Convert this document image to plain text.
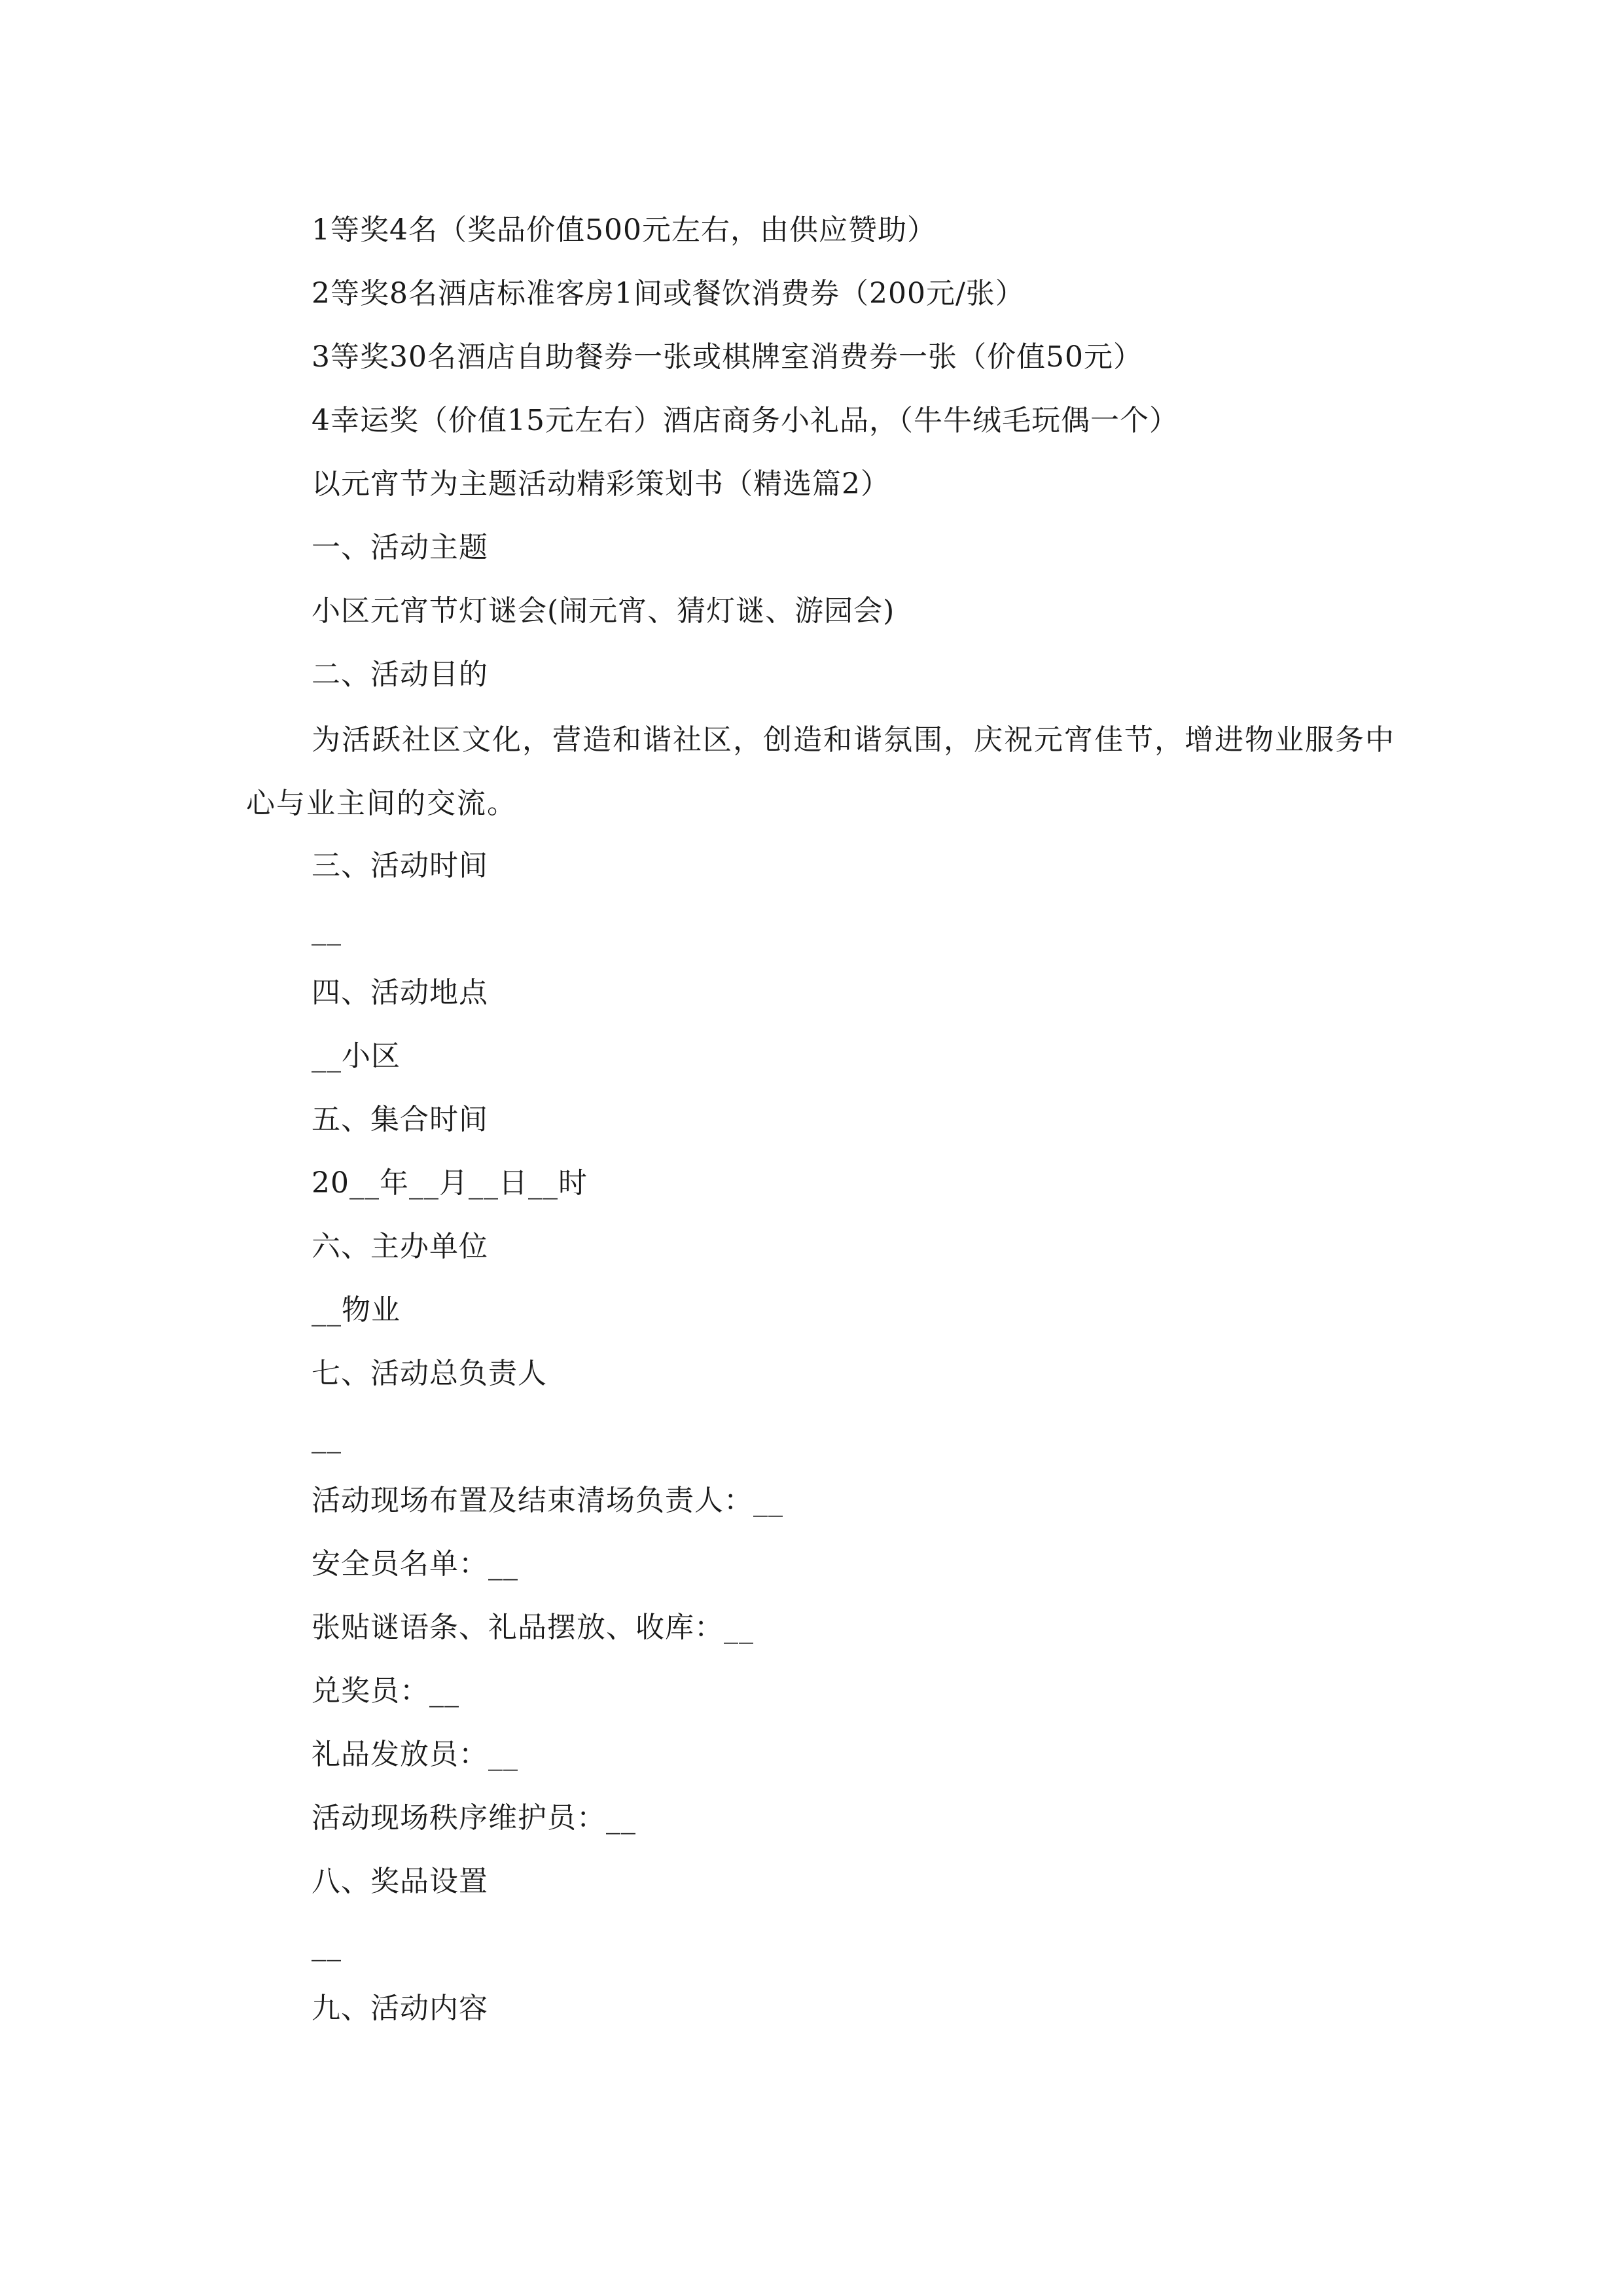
1等奖4名（奖品价值500元左右，由供应赞助）
2等奖8名酒店标准客房1间或餐饮消费券（200元/张）
3等奖30名酒店自助餐券一张或棋牌室消费券一张（价值50元）
4幸运奖（价值15元左右）酒店商务小礼品，（牛牛绒毛玩偶一个）
以元宵节为主题活动精彩策划书（精选篇2）
一、活动主题
小区元宵节灯谜会(闹元宵、猜灯谜、游园会)
二、活动目的
为活跃社区文化，营造和谐社区，创造和谐氛围，庆祝元宵佳节，增进物业服务中心与业主间的交流。
三、活动时间
__
四、活动地点
__小区
五、集合时间
20__年__月__日__时
六、主办单位
__物业
七、活动总负责人
__
活动现场布置及结束清场负责人：__
安全员名单：__
张贴谜语条、礼品摆放、收库：__
兑奖员：__
礼品发放员：__
活动现场秩序维护员：__
八、奖品设置
__
九、活动内容
